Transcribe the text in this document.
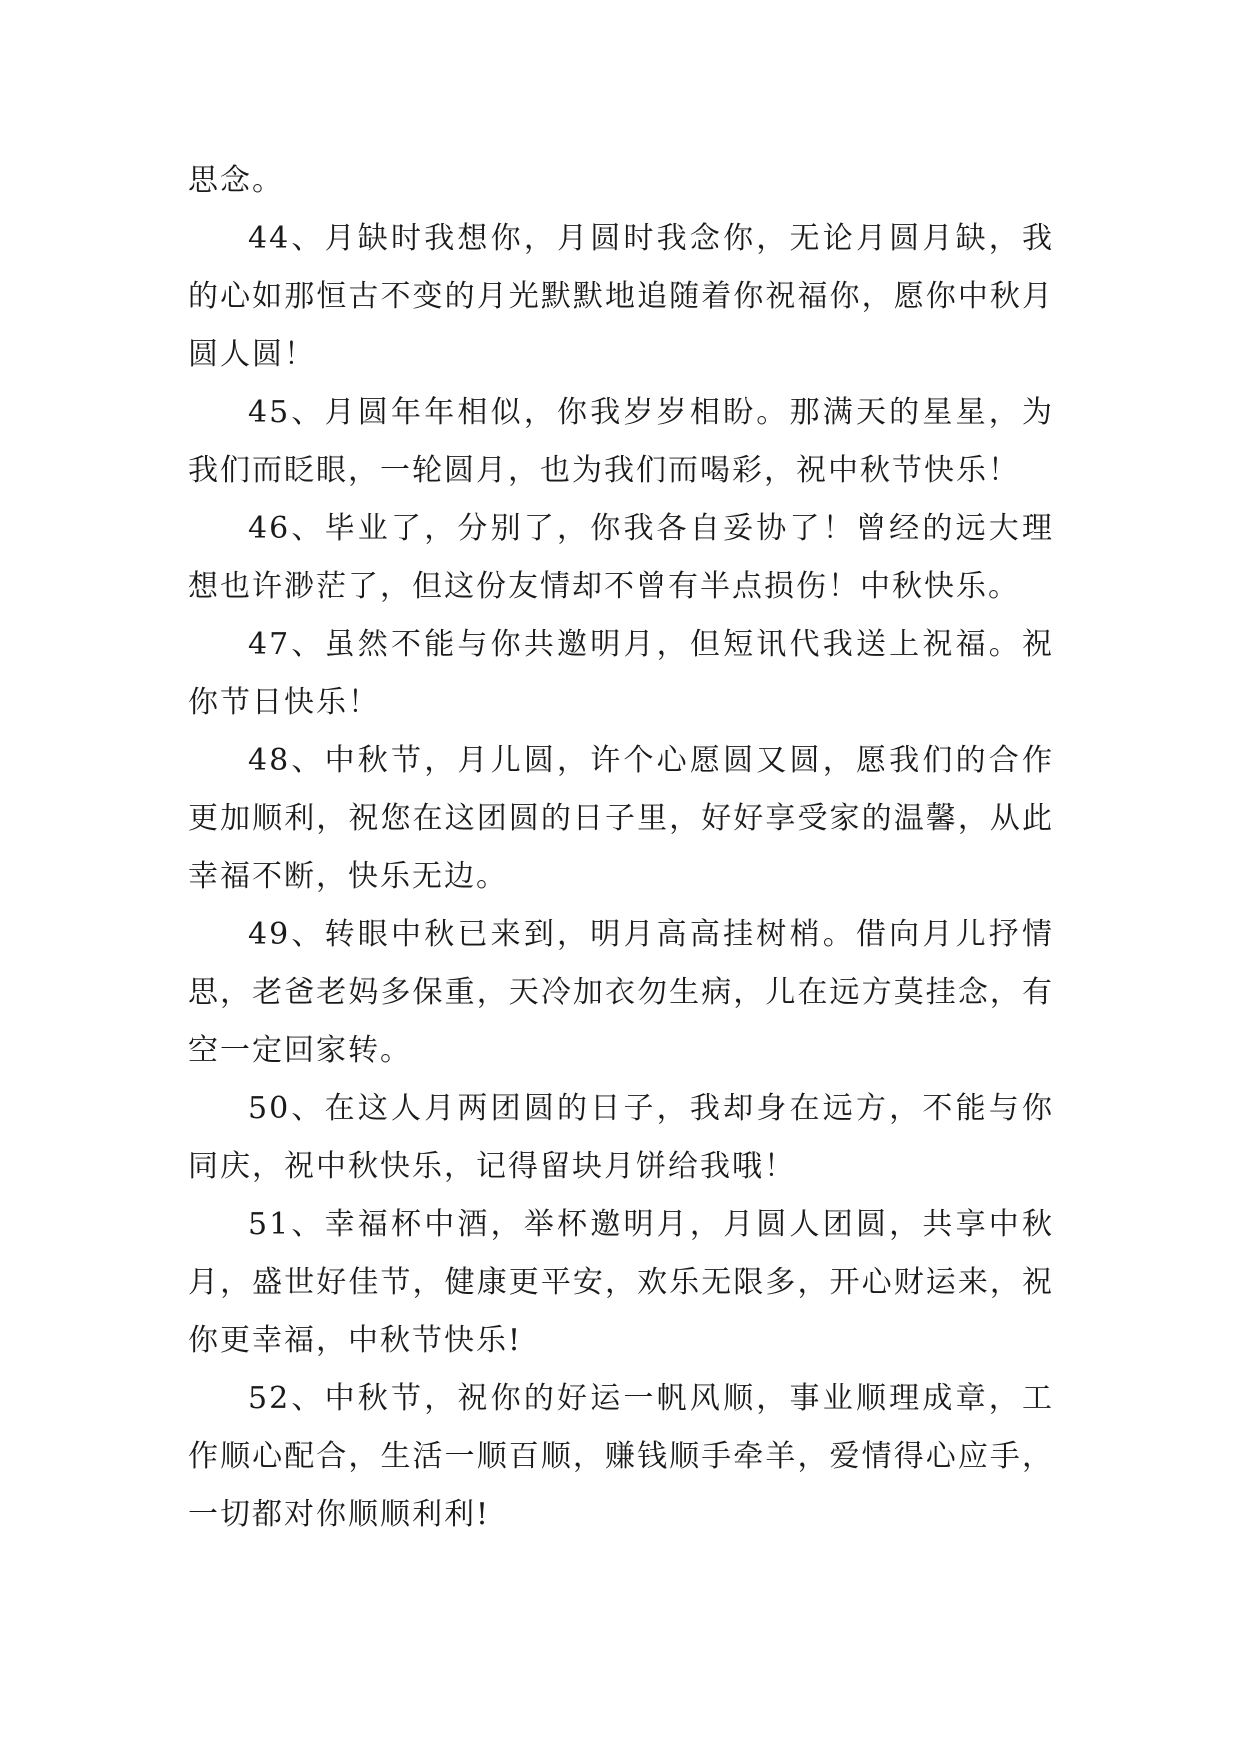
思念。

44、月缺时我想你，月圆时我念你，无论月圆月缺，我的心如那恒古不变的月光默默地追随着你祝福你，愿你中秋月圆人圆！

45、月圆年年相似，你我岁岁相盼。那满天的星星，为我们而眨眼，一轮圆月，也为我们而喝彩，祝中秋节快乐！

46、毕业了，分别了，你我各自妥协了！曾经的远大理想也许渺茫了，但这份友情却不曾有半点损伤！中秋快乐。

47、虽然不能与你共邀明月，但短讯代我送上祝福。祝你节日快乐！

48、中秋节，月儿圆，许个心愿圆又圆，愿我们的合作更加顺利，祝您在这团圆的日子里，好好享受家的温馨，从此幸福不断，快乐无边。

49、转眼中秋已来到，明月高高挂树梢。借向月儿抒情思，老爸老妈多保重，天冷加衣勿生病，儿在远方莫挂念，有空一定回家转。

50、在这人月两团圆的日子，我却身在远方，不能与你同庆，祝中秋快乐，记得留块月饼给我哦！

51、幸福杯中酒，举杯邀明月，月圆人团圆，共享中秋月，盛世好佳节，健康更平安，欢乐无限多，开心财运来，祝你更幸福，中秋节快乐!

52、中秋节，祝你的好运一帆风顺，事业顺理成章，工作顺心配合，生活一顺百顺，赚钱顺手牵羊，爱情得心应手，一切都对你顺顺利利!
